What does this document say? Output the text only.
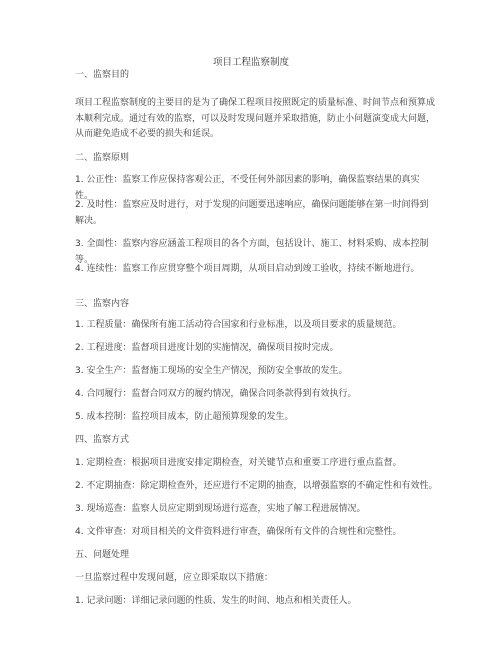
项目工程监察制度
一、监察目的
项目工程监察制度的主要目的是为了确保工程项目按照既定的质量标准、时间节点和预算成本顺利完成。通过有效的监察，可以及时发现问题并采取措施，防止小问题演变成大问题，从而避免造成不必要的损失和延误。
二、监察原则
1. 公正性：监察工作应保持客观公正，不受任何外部因素的影响，确保监察结果的真实性。
2. 及时性：监察应及时进行，对于发现的问题要迅速响应，确保问题能够在第一时间得到解决。
3. 全面性：监察内容应涵盖工程项目的各个方面，包括设计、施工、材料采购、成本控制等。
4. 连续性：监察工作应贯穿整个项目周期，从项目启动到竣工验收，持续不断地进行。
三、监察内容
1. 工程质量：确保所有施工活动符合国家和行业标准，以及项目要求的质量规范。
2. 工程进度：监督项目进度计划的实施情况，确保项目按时完成。
3. 安全生产：监督施工现场的安全生产情况，预防安全事故的发生。
4. 合同履行：监督合同双方的履约情况，确保合同条款得到有效执行。
5. 成本控制：监控项目成本，防止超预算现象的发生。
四、监察方式
1. 定期检查：根据项目进度安排定期检查，对关键节点和重要工序进行重点监督。
2. 不定期抽查：除定期检查外，还应进行不定期的抽查，以增强监察的不确定性和有效性。
3. 现场巡查：监察人员应定期到现场进行巡查，实地了解工程进展情况。
4. 文件审查：对项目相关的文件资料进行审查，确保所有文件的合规性和完整性。
五、问题处理
一旦监察过程中发现问题，应立即采取以下措施：
1. 记录问题：详细记录问题的性质、发生的时间、地点和相关责任人。
